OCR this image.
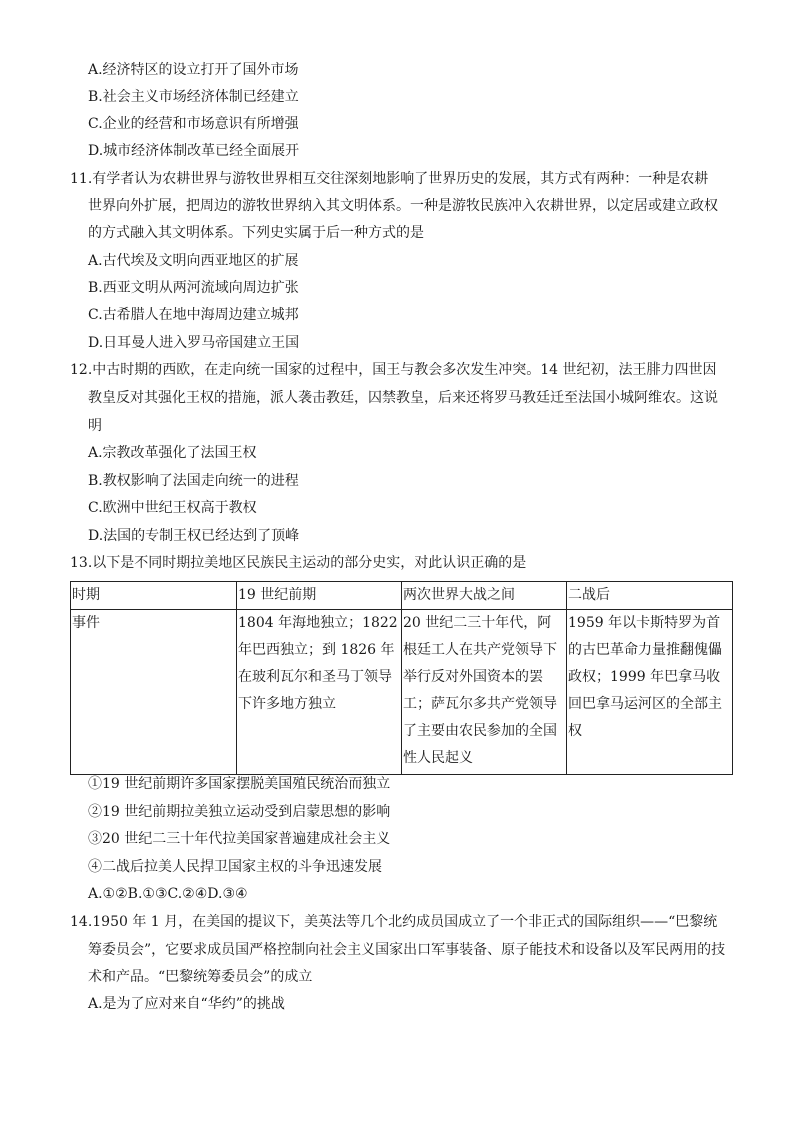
A.经济特区的设立打开了国外市场
B.社会主义市场经济体制已经建立
C.企业的经营和市场意识有所增强
D.城市经济体制改革已经全面展开
11.有学者认为农耕世界与游牧世界相互交往深刻地影响了世界历史的发展，其方式有两种：一种是农耕
世界向外扩展，把周边的游牧世界纳入其文明体系。一种是游牧民族冲入农耕世界，以定居或建立政权
的方式融入其文明体系。下列史实属于后一种方式的是
A.古代埃及文明向西亚地区的扩展
B.西亚文明从两河流域向周边扩张
C.古希腊人在地中海周边建立城邦
D.日耳曼人进入罗马帝国建立王国
12.中古时期的西欧，在走向统一国家的过程中，国王与教会多次发生冲突。14 世纪初，法王腓力四世因
教皇反对其强化王权的措施，派人袭击教廷，囚禁教皇，后来还将罗马教廷迁至法国小城阿维农。这说
明
A.宗教改革强化了法国王权
B.教权影响了法国走向统一的进程
C.欧洲中世纪王权高于教权
D.法国的专制王权已经达到了顶峰
13.以下是不同时期拉美地区民族民主运动的部分史实，对此认识正确的是
时期	19 世纪前期	两次世界大战之间	二战后
事件	1804 年海地独立；1822 年巴西独立；到 1826 年在玻利瓦尔和圣马丁领导下许多地方独立	20 世纪二三十年代，阿根廷工人在共产党领导下举行反对外国资本的罢工；萨瓦尔多共产党领导了主要由农民参加的全国性人民起义	1959 年以卡斯特罗为首的古巴革命力量推翻傀儡政权；1999 年巴拿马收回巴拿马运河区的全部主权
①19 世纪前期许多国家摆脱美国殖民统治而独立
②19 世纪前期拉美独立运动受到启蒙思想的影响
③20 世纪二三十年代拉美国家普遍建成社会主义
④二战后拉美人民捍卫国家主权的斗争迅速发展
A.①②B.①③C.②④D.③④
14.1950 年 1 月，在美国的提议下，美英法等几个北约成员国成立了一个非正式的国际组织——“巴黎统
筹委员会”，它要求成员国严格控制向社会主义国家出口军事装备、原子能技术和设备以及军民两用的技
术和产品。“巴黎统筹委员会”的成立
A.是为了应对来自“华约”的挑战
